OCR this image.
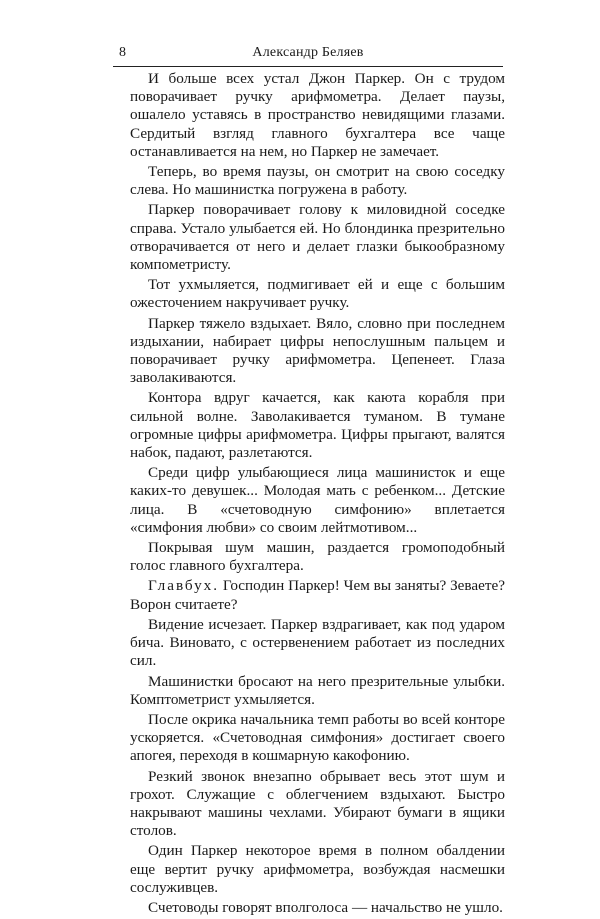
8	Александр Беляев

И больше всех устал Джон Паркер. Он с трудом поворачивает ручку арифмометра. Делает паузы, ошалело уставясь в пространство невидящими глазами. Сердитый взгляд главного бухгалтера все чаще останавливается на нем, но Паркер не замечает.

Теперь, во время паузы, он смотрит на свою соседку слева. Но машинистка погружена в работу.

Паркер поворачивает голову к миловидной соседке справа. Устало улыбается ей. Но блондинка презрительно отворачивается от него и делает глазки быкообразному компометристу.

Тот ухмыляется, подмигивает ей и еще с большим ожесточением накручивает ручку.

Паркер тяжело вздыхает. Вяло, словно при последнем издыхании, набирает цифры непослушным пальцем и поворачивает ручку арифмометра. Цепенеет. Глаза заволакиваются.

Контора вдруг качается, как каюта корабля при сильной волне. Заволакивается туманом. В тумане огромные цифры арифмометра. Цифры прыгают, валятся набок, падают, разлетаются.

Среди цифр улыбающиеся лица машинисток и еще каких-то девушек... Молодая мать с ребенком... Детские лица. В «счетоводную симфонию» вплетается «симфония любви» со своим лейтмотивом...

Покрывая шум машин, раздается громоподобный голос главного бухгалтера.

Главбух. Господин Паркер! Чем вы заняты? Зеваете? Ворон считаете?

Видение исчезает. Паркер вздрагивает, как под ударом бича. Виновато, с остервенением работает из последних сил.

Машинистки бросают на него презрительные улыбки. Комптометрист ухмыляется.

После окрика начальника темп работы во всей конторе ускоряется. «Счетоводная симфония» достигает своего апогея, переходя в кошмарную какофонию.

Резкий звонок внезапно обрывает весь этот шум и грохот. Служащие с облегчением вздыхают. Быстро накрывают машины чехлами. Убирают бумаги в ящики столов.

Один Паркер некоторое время в полном обалдении еще вертит ручку арифмометра, возбуждая насмешки сослуживцев.

Счетоводы говорят вполголоса — начальство не ушло.
